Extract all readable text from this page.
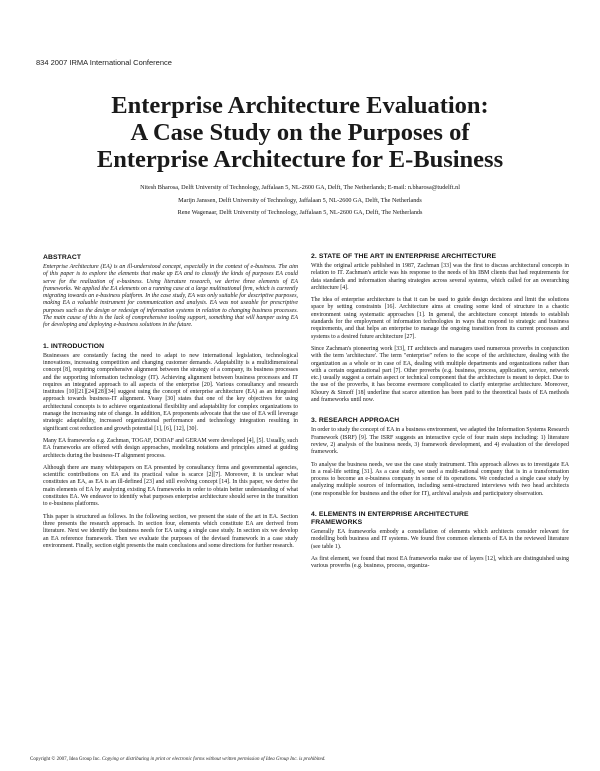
834 2007 IRMA International Conference
Enterprise Architecture Evaluation:
A Case Study on the Purposes of
Enterprise Architecture for E-Business
Nitesh Bharosa, Delft University of Technology, Jaffalaan 5, NL-2600 GA, Delft, The Netherlands; E-mail: n.bharosa@tudelft.nl
Marijn Janssen, Delft University of Technology, Jaffalaan 5, NL-2600 GA, Delft, The Netherlands
Rene Wagenaar, Delft University of Technology, Jaffalaan 5, NL-2600 GA, Delft, The Netherlands
ABSTRACT

Enterprise Architecture (EA) is an ill-understood concept, especially in the context of e-business. The aim of this paper is to explore the elements that make up EA and to classify the kinds of purposes EA could serve for the realization of e-business. Using literature research, we derive three elements of EA frameworks. We applied the EA elements on a running case at a large multinational firm, which is currently migrating towards an e-business platform. In the case study, EA was only suitable for descriptive purposes, making EA a valuable instrument for communication and analysis. EA was not useable for prescriptive purposes such as the design or redesign of information systems in relation to changing business processes. The main cause of this is the lack of comprehensive tooling support, something that will hamper using EA for developing and deploying e-business solutions in the future.

1. INTRODUCTION

Businesses are constantly facing the need to adapt to new international legislation, technological innovations, increasing competition and changing customer demands. Adaptability is a multidimensional concept [8], requiring comprehensive alignment between the strategy of a company, its business processes and the supporting information technology (IT). Achieving alignment between business processes and IT requires an integrated approach to all aspects of the enterprise [20]. Various consultancy and research institutes [10][21][24][28][34] suggest using the concept of enterprise architecture (EA) as an integrated approach towards business-IT alignment. Veasy [30] states that one of the key objectives for using architectural concepts is to achieve organizational flexibility and adaptability for complex organizations to manage the increasing rate of change. In addition, EA proponents advocate that the use of EA will leverage strategic adaptability, increased organizational performance and technology integration resulting in significant cost reduction and growth potential [1], [6], [12], [30].

Many EA frameworks e.g. Zachman, TOGAF, DODAF and GERAM were developed [4], [5]. Usually, such EA frameworks are offered with design approaches, modeling notations and principles aimed at guiding architects during the business-IT alignment process.

Although there are many whitepapers on EA presented by consultancy firms and governmental agencies, scientific contributions on EA and its practical value is scarce [2][7]. Moreover, it is unclear what constitutes an EA, as EA is an ill-defined [23] and still evolving concept [14]. In this paper, we derive the main elements of EA by analyzing existing EA frameworks in order to obtain better understanding of what constitutes EA. We endeavor to identify what purposes enterprise architecture should serve in the transition to e-business platforms.

This paper is structured as follows. In the following section, we present the state of the art in EA. Section three presents the research approach. In section four, elements which constitute EA are derived from literature. Next we identify the business needs for EA using a single case study. In section six we develop an EA reference framework. Then we evaluate the purposes of the devised framework in a case study environment. Finally, section eight presents the main conclusions and some directions for further research.

2. STATE OF THE ART IN ENTERPRISE ARCHITECTURE

With the original article published in 1987, Zachman [33] was the first to discuss architectural concepts in relation to IT. Zachman's article was his response to the needs of his IBM clients that had requirements for data standards and information sharing strategies across several systems, which called for an overarching architecture [4].

The idea of enterprise architecture is that it can be used to guide design decisions and limit the solutions space by setting constraints [16]. Architecture aims at creating some kind of structure in a chaotic environment using systematic approaches [1]. In general, the architecture concept intends to establish standards for the employment of information technologies in ways that respond to strategic and business requirements, and that helps an enterprise to manage the ongoing transition from its current processes and systems to a desired future architecture [27].

Since Zachman's pioneering work [33], IT architects and managers used numerous proverbs in conjunction with the term 'architecture'. The term "enterprise" refers to the scope of the architecture, dealing with the organization as a whole or in case of EA, dealing with multiple departments and organizations rather than with a certain organizational part [7]. Other proverbs (e.g. business, process, application, service, network etc.) usually suggest a certain aspect or technical component that the architecture is meant to depict. Due to the use of the proverbs, it has become evermore complicated to clarify enterprise architecture. Moreover, Khoury & Simoff [18] underline that scarce attention has been paid to the theoretical basis of EA methods and frameworks until now.

3. RESEARCH APPROACH

In order to study the concept of EA in a business environment, we adapted the Information Systems Research Framework (ISRF) [9]. The ISRF suggests an interactive cycle of four main steps including: 1) literature review, 2) analysis of the business needs, 3) framework development, and 4) evaluation of the developed framework.

To analyse the business needs, we use the case study instrument. This approach allows us to investigate EA in a real-life setting [31]. As a case study, we used a multi-national company that is in a transformation process to become an e-business company in some of its operations. We conducted a single case study by analyzing multiple sources of information, including semi-structured interviews with two head architects (one responsible for business and the other for IT), archival analysis and participatory observation.

4. ELEMENTS IN ENTERPRISE ARCHITECTURE
FRAMEWORKS

Generally EA frameworks embody a constellation of elements which architects consider relevant for modelling both business and IT systems. We found five common elements of EA in the reviewed literature (see table 1).

As first element, we found that most EA frameworks make use of layers [12], which are distinguished using various proverbs (e.g. business, process, organiza-

Copyright © 2007, Idea Group Inc. Copying or distributing in print or electronic forms without written permission of Idea Group Inc. is prohibited.
